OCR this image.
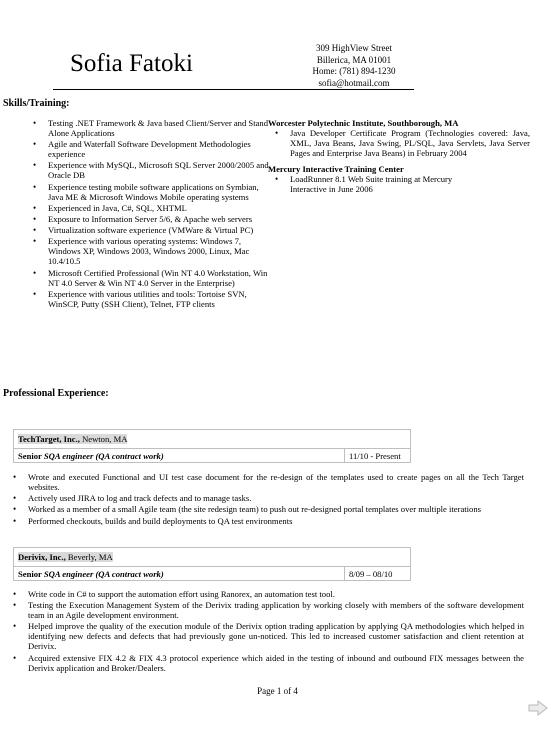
Sofia Fatoki
309 HighView Street
Billerica, MA 01001
Home: (781) 894-1230
sofia@hotmail.com
Skills/Training:
• Testing .NET Framework & Java based Client/Server and Stand Alone Applications
• Agile and Waterfall Software Development Methodologies experience
• Experience with MySQL, Microsoft SQL Server 2000/2005 and Oracle DB
• Experience testing mobile software applications on Symbian, Java ME & Microsoft Windows Mobile operating systems
• Experienced in Java, C#, SQL, XHTML
• Exposure to Information Server 5/6, & Apache web servers
• Virtualization software experience (VMWare & Virtual PC)
• Experience with various operating systems: Windows 7, Windows XP, Windows 2003, Windows 2000, Linux, Mac 10.4/10.5
• Microsoft Certified Professional (Win NT 4.0 Workstation, Win NT 4.0 Server & Win NT 4.0 Server in the Enterprise)
• Experience with various utilities and tools: Tortoise SVN, WinSCP, Putty (SSH Client), Telnet, FTP clients
Worcester Polytechnic Institute, Southborough, MA
• Java Developer Certificate Program (Technologies covered: Java, XML, Java Beans, Java Swing, PL/SQL, Java Servlets, Java Server Pages and Enterprise Java Beans) in February 2004
Mercury Interactive Training Center
• LoadRunner 8.1 Web Suite training at Mercury Interactive in June 2006
Professional Experience:
TechTarget, Inc., Newton, MA
Senior SQA engineer (QA contract work)	11/10 - Present
• Wrote and executed Functional and UI test case document for the re-design of the templates used to create pages on all the Tech Target websites.
• Actively used JIRA to log and track defects and to manage tasks.
• Worked as a member of a small Agile team (the site redesign team) to push out re-designed portal templates over multiple iterations
• Performed checkouts, builds and build deployments to QA test environments
Derivix, Inc., Beverly, MA
Senior SQA engineer (QA contract work)	8/09 – 08/10
• Write code in C# to support the automation effort using Ranorex, an automation test tool.
• Testing the Execution Management System of the Derivix trading application by working closely with members of the software development team in an Agile development environment.
• Helped improve the quality of the execution module of the Derivix option trading application by applying QA methodologies which helped in identifying new defects and defects that had previously gone un-noticed. This led to increased customer satisfaction and client retention at Derivix.
• Acquired extensive FIX 4.2 & FIX 4.3 protocol experience which aided in the testing of inbound and outbound FIX messages between the Derivix application and Broker/Dealers.
Page 1 of 4
